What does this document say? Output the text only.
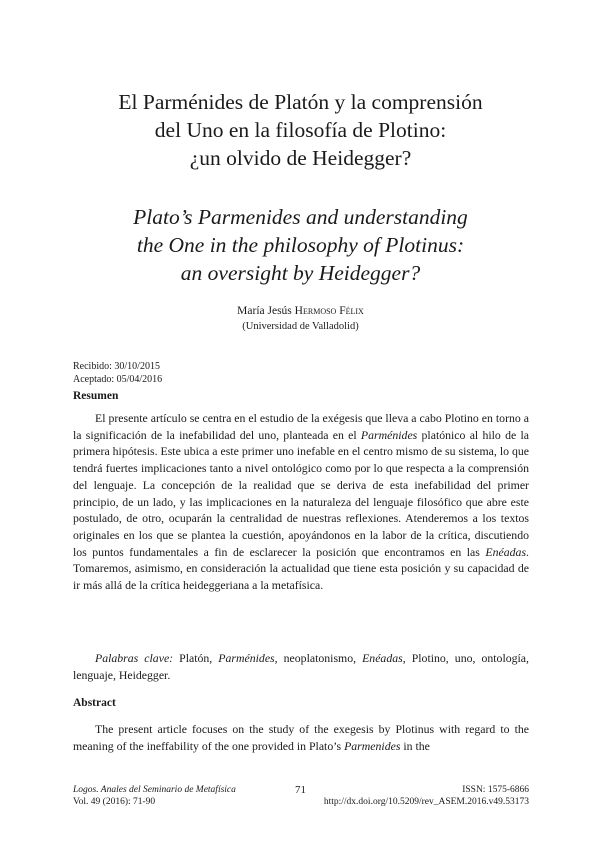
El Parménides de Platón y la comprensión
del Uno en la filosofía de Plotino:
¿un olvido de Heidegger?
Plato’s Parmenides and understanding
the One in the philosophy of Plotinus:
an oversight by Heidegger?
María Jesús Hermoso Félix
(Universidad de Valladolid)
Recibido: 30/10/2015
Aceptado: 05/04/2016
Resumen
El presente artículo se centra en el estudio de la exégesis que lleva a cabo Plotino en torno a la significación de la inefabilidad del uno, planteada en el Parménides platónico al hilo de la primera hipótesis. Este ubica a este primer uno inefable en el centro mismo de su sistema, lo que tendrá fuertes implicaciones tanto a nivel ontológico como por lo que respecta a la comprensión del lenguaje. La concepción de la realidad que se deriva de esta inefabilidad del primer principio, de un lado, y las implicaciones en la naturaleza del lenguaje filosófico que abre este postulado, de otro, ocuparán la centralidad de nuestras reflexiones. Atenderemos a los textos originales en los que se plantea la cuestión, apoyándonos en la labor de la crítica, discutiendo los puntos fundamentales a fin de esclarecer la posición que encontramos en las Enéadas. Tomaremos, asimismo, en consideración la actualidad que tiene esta posición y su capacidad de ir más allá de la crítica heideggeriana a la metafísica.
Palabras clave: Platón, Parménides, neoplatonismo, Enéadas, Plotino, uno, ontología, lenguaje, Heidegger.
Abstract
The present article focuses on the study of the exegesis by Plotinus with regard to the meaning of the ineffability of the one provided in Plato’s Parmenides in the
Logos. Anales del Seminario de Metafísica
Vol. 49 (2016): 71-90
71	ISSN: 1575-6866
http://dx.doi.org/10.5209/rev_ASEM.2016.v49.53173
